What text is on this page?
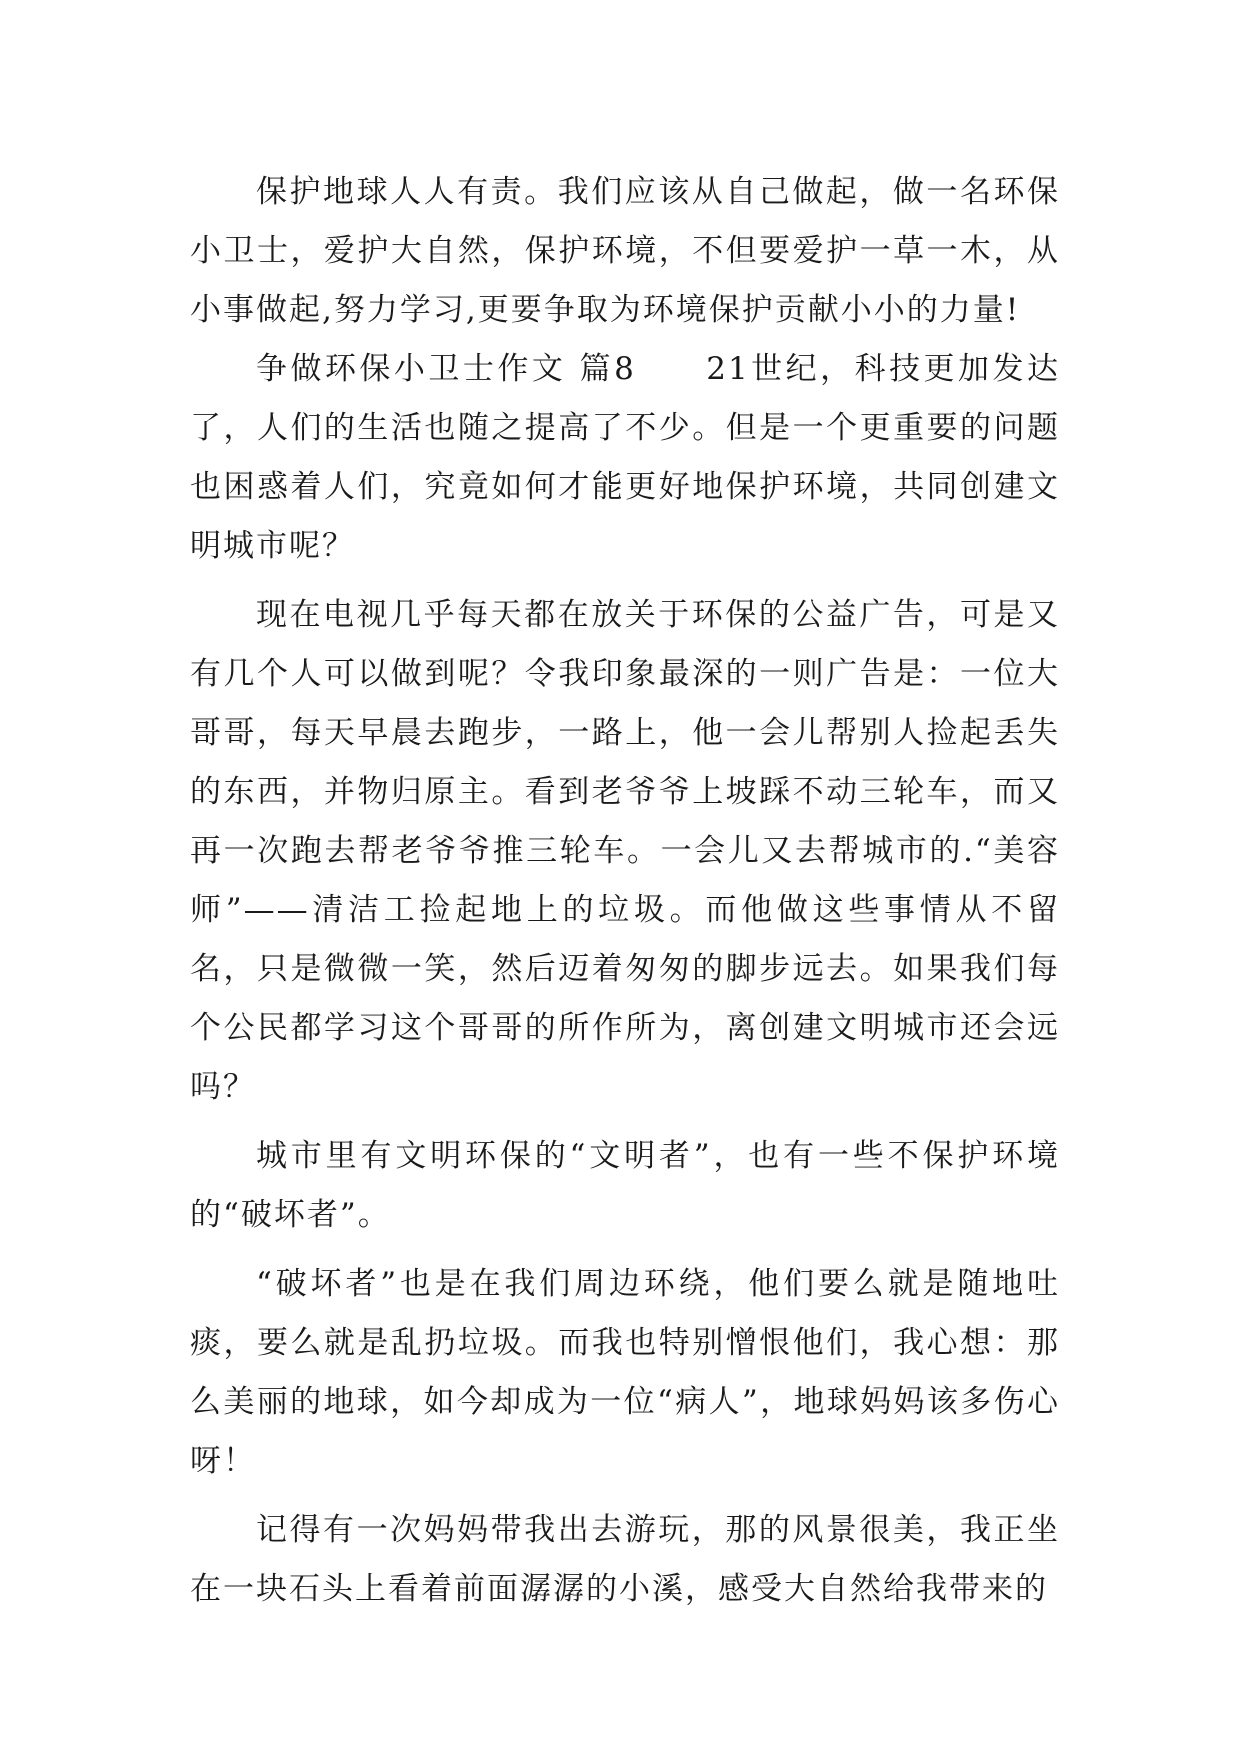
保护地球人人有责。我们应该从自己做起，做一名环保小卫士，爱护大自然，保护环境，不但要爱护一草一木，从小事做起,努力学习,更要争取为环境保护贡献小小的力量!

争做环保小卫士作文 篇8　　21世纪，科技更加发达了，人们的生活也随之提高了不少。但是一个更重要的问题也困惑着人们，究竟如何才能更好地保护环境，共同创建文明城市呢？

现在电视几乎每天都在放关于环保的公益广告，可是又有几个人可以做到呢？令我印象最深的一则广告是：一位大哥哥，每天早晨去跑步，一路上，他一会儿帮别人捡起丢失的东西，并物归原主。看到老爷爷上坡踩不动三轮车，而又再一次跑去帮老爷爷推三轮车。一会儿又去帮城市的.“美容师”——清洁工捡起地上的垃圾。而他做这些事情从不留名，只是微微一笑，然后迈着匆匆的脚步远去。如果我们每个公民都学习这个哥哥的所作所为，离创建文明城市还会远吗？

城市里有文明环保的“文明者”，也有一些不保护环境的“破坏者”。

“破坏者”也是在我们周边环绕，他们要么就是随地吐痰，要么就是乱扔垃圾。而我也特别憎恨他们，我心想：那么美丽的地球，如今却成为一位“病人”，地球妈妈该多伤心呀！

记得有一次妈妈带我出去游玩，那的风景很美，我正坐在一块石头上看着前面潺潺的小溪，感受大自然给我带来的
